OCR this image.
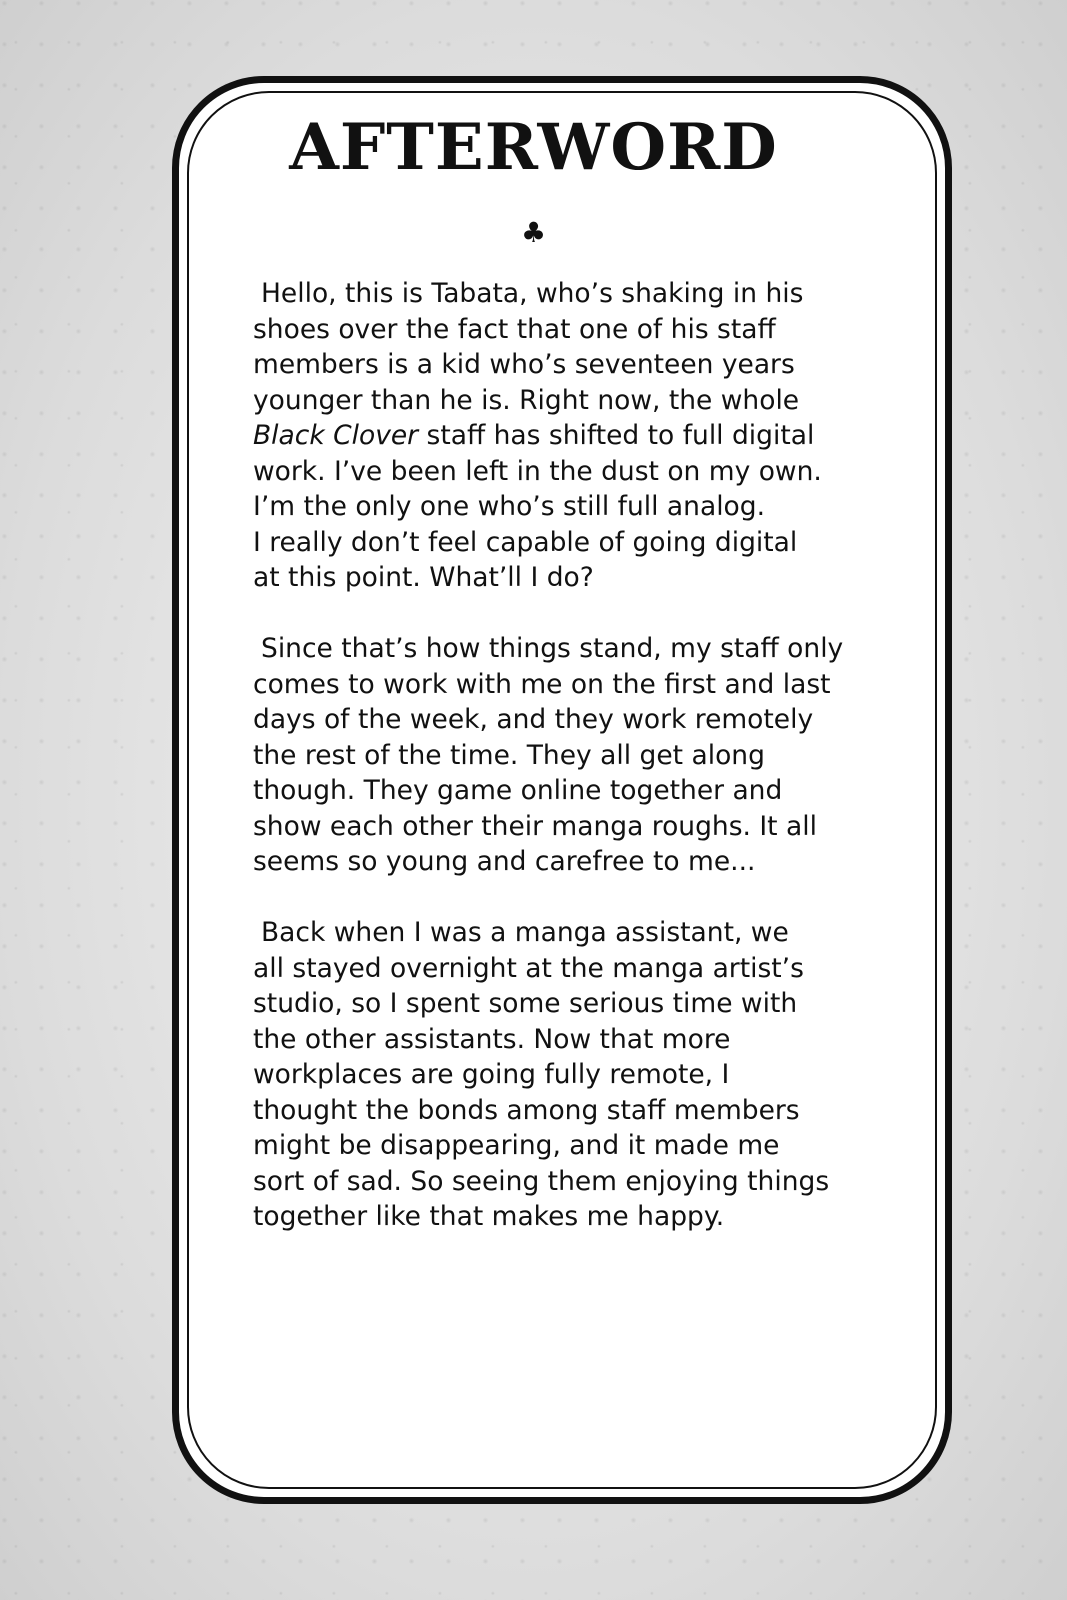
AFTERWORD
♣

Hello, this is Tabata, who’s shaking in his
shoes over the fact that one of his staff
members is a kid who’s seventeen years
younger than he is. Right now, the whole
Black Clover staff has shifted to full digital
work. I’ve been left in the dust on my own.
I’m the only one who’s still full analog.
I really don’t feel capable of going digital
at this point. What’ll I do?

Since that’s how things stand, my staff only
comes to work with me on the first and last
days of the week, and they work remotely
the rest of the time. They all get along
though. They game online together and
show each other their manga roughs. It all
seems so young and carefree to me...

Back when I was a manga assistant, we
all stayed overnight at the manga artist’s
studio, so I spent some serious time with
the other assistants. Now that more
workplaces are going fully remote, I
thought the bonds among staff members
might be disappearing, and it made me
sort of sad. So seeing them enjoying things
together like that makes me happy.
